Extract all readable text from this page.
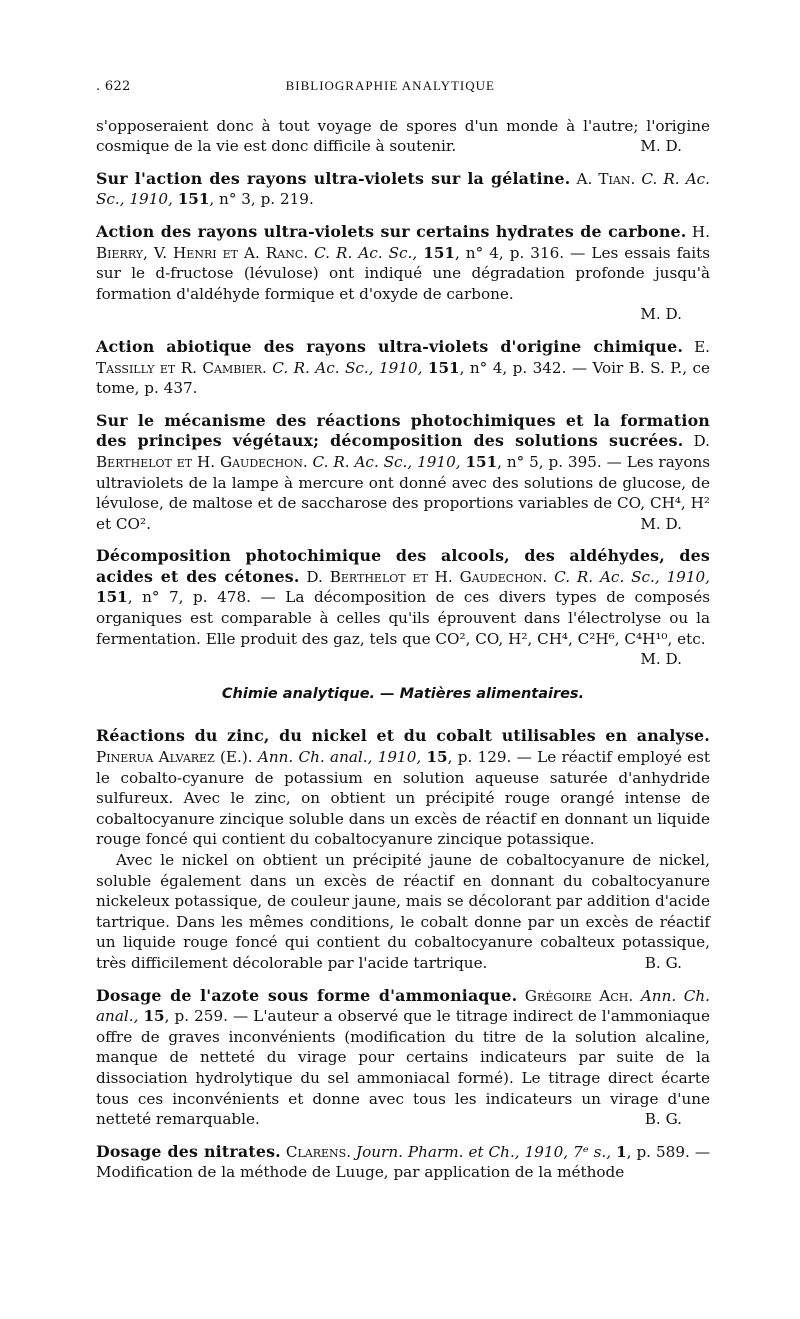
. 622	BIBLIOGRAPHIE ANALYTIQUE

s'opposeraient donc à tout voyage de spores d'un monde à l'autre; l'origine cosmique de la vie est donc difficile à soutenir.	M. D.

Sur l'action des rayons ultra-violets sur la gélatine. A. Tian. C. R. Ac. Sc., 1910, 151, n° 3, p. 219.

Action des rayons ultra-violets sur certains hydrates de carbone. H. Bierry, V. Henri et A. Ranc. C. R. Ac. Sc., 151, n° 4, p. 316. — Les essais faits sur le d-fructose (lévulose) ont indiqué une dégradation profonde jusqu'à formation d'aldéhyde formique et d'oxyde de carbone.
M. D.

Action abiotique des rayons ultra-violets d'origine chimique. E. Tassilly et R. Cambier. C. R. Ac. Sc., 1910, 151, n° 4, p. 342. — Voir B. S. P., ce tome, p. 437.

Sur le mécanisme des réactions photochimiques et la formation des principes végétaux; décomposition des solutions sucrées. D. Berthelot et H. Gaudechon. C. R. Ac. Sc., 1910, 151, n° 5, p. 395. — Les rayons ultraviolets de la lampe à mercure ont donné avec des solutions de glucose, de lévulose, de maltose et de saccharose des proportions variables de CO, CH⁴, H² et CO².	M. D.

Décomposition photochimique des alcools, des aldéhydes, des acides et des cétones. D. Berthelot et H. Gaudechon. C. R. Ac. Sc., 1910, 151, n° 7, p. 478. — La décomposition de ces divers types de composés organiques est comparable à celles qu'ils éprouvent dans l'électrolyse ou la fermentation. Elle produit des gaz, tels que CO², CO, H², CH⁴, C²H⁶, C⁴H¹⁰, etc.
M. D.

Chimie analytique. — Matières alimentaires.

Réactions du zinc, du nickel et du cobalt utilisables en analyse. Pinerua Alvarez (E.). Ann. Ch. anal., 1910, 15, p. 129. — Le réactif employé est le cobalto-cyanure de potassium en solution aqueuse saturée d'anhydride sulfureux. Avec le zinc, on obtient un précipité rouge orangé intense de cobaltocyanure zincique soluble dans un excès de réactif en donnant un liquide rouge foncé qui contient du cobaltocyanure zincique potassique.

Avec le nickel on obtient un précipité jaune de cobaltocyanure de nickel, soluble également dans un excès de réactif en donnant du cobaltocyanure nickeleux potassique, de couleur jaune, mais se décolorant par addition d'acide tartrique. Dans les mêmes conditions, le cobalt donne par un excès de réactif un liquide rouge foncé qui contient du cobaltocyanure cobalteux potassique, très difficilement décolorable par l'acide tartrique.	B. G.

Dosage de l'azote sous forme d'ammoniaque. Grégoire Ach. Ann. Ch. anal., 15, p. 259. — L'auteur a observé que le titrage indirect de l'ammoniaque offre de graves inconvénients (modification du titre de la solution alcaline, manque de netteté du virage pour certains indicateurs par suite de la dissociation hydrolytique du sel ammoniacal formé). Le titrage direct écarte tous ces inconvénients et donne avec tous les indicateurs un virage d'une netteté remarquable.	B. G.

Dosage des nitrates. Clarens. Journ. Pharm. et Ch., 1910, 7ᵉ s., 1, p. 589. — Modification de la méthode de Luuge, par application de la méthode
